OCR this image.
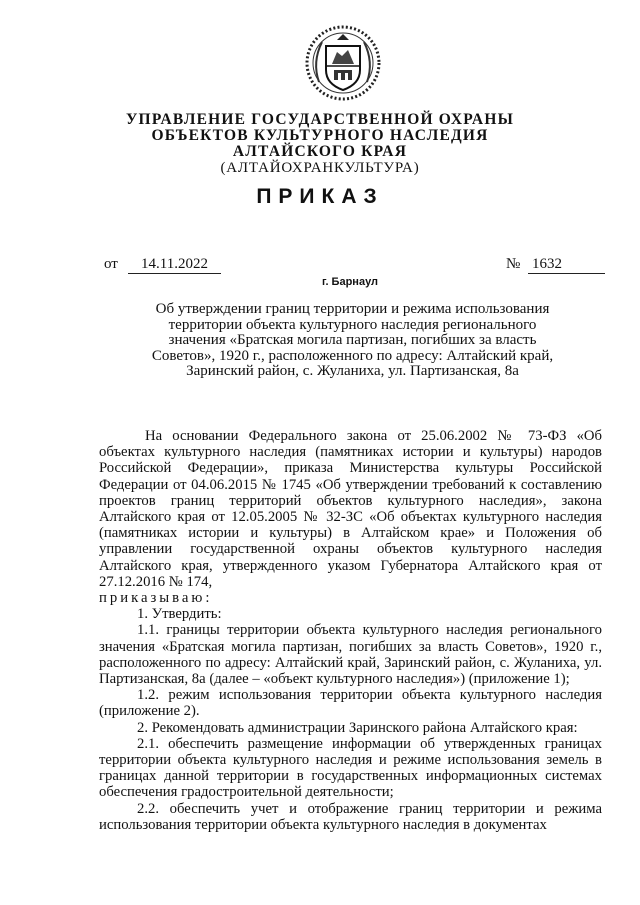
УПРАВЛЕНИЕ ГОСУДАРСТВЕННОЙ ОХРАНЫ
ОБЪЕКТОВ КУЛЬТУРНОГО НАСЛЕДИЯ
АЛТАЙСКОГО КРАЯ
(АЛТАЙОХРАНКУЛЬТУРА)
ПРИКАЗ
от	14.11.2022	№ 1632
г. Барнаул
Об утверждении границ территории и режима использования территории объекта культурного наследия регионального значения «Братская могила партизан, погибших за власть Советов», 1920 г., расположенного по адресу: Алтайский край, Заринский район, с. Жуланиха, ул. Партизанская, 8а

На основании Федерального закона от 25.06.2002 № 73-ФЗ «Об объектах культурного наследия (памятниках истории и культуры) народов Российской Федерации», приказа Министерства культуры Российской Федерации от 04.06.2015 № 1745 «Об утверждении требований к составлению проектов границ территорий объектов культурного наследия», закона Алтайского края от 12.05.2005 № 32-ЗС «Об объектах культурного наследия (памятниках истории и культуры) в Алтайском крае» и Положения об управлении государственной охраны объектов культурного наследия Алтайского края, утвержденного указом Губернатора Алтайского края от 27.12.2016 № 174,

приказываю:

1. Утвердить:

1.1. границы территории объекта культурного наследия регионального значения «Братская могила партизан, погибших за власть Советов», 1920 г., расположенного по адресу: Алтайский край, Заринский район, с. Жуланиха, ул. Партизанская, 8а (далее – «объект культурного наследия») (приложение 1);

1.2. режим использования территории объекта культурного наследия (приложение 2).

2. Рекомендовать администрации Заринского района Алтайского края:

2.1. обеспечить размещение информации об утвержденных границах территории объекта культурного наследия и режиме использования земель в границах данной территории в государственных информационных системах обеспечения градостроительной деятельности;

2.2. обеспечить учет и отображение границ территории и режима использования территории объекта культурного наследия в документах
